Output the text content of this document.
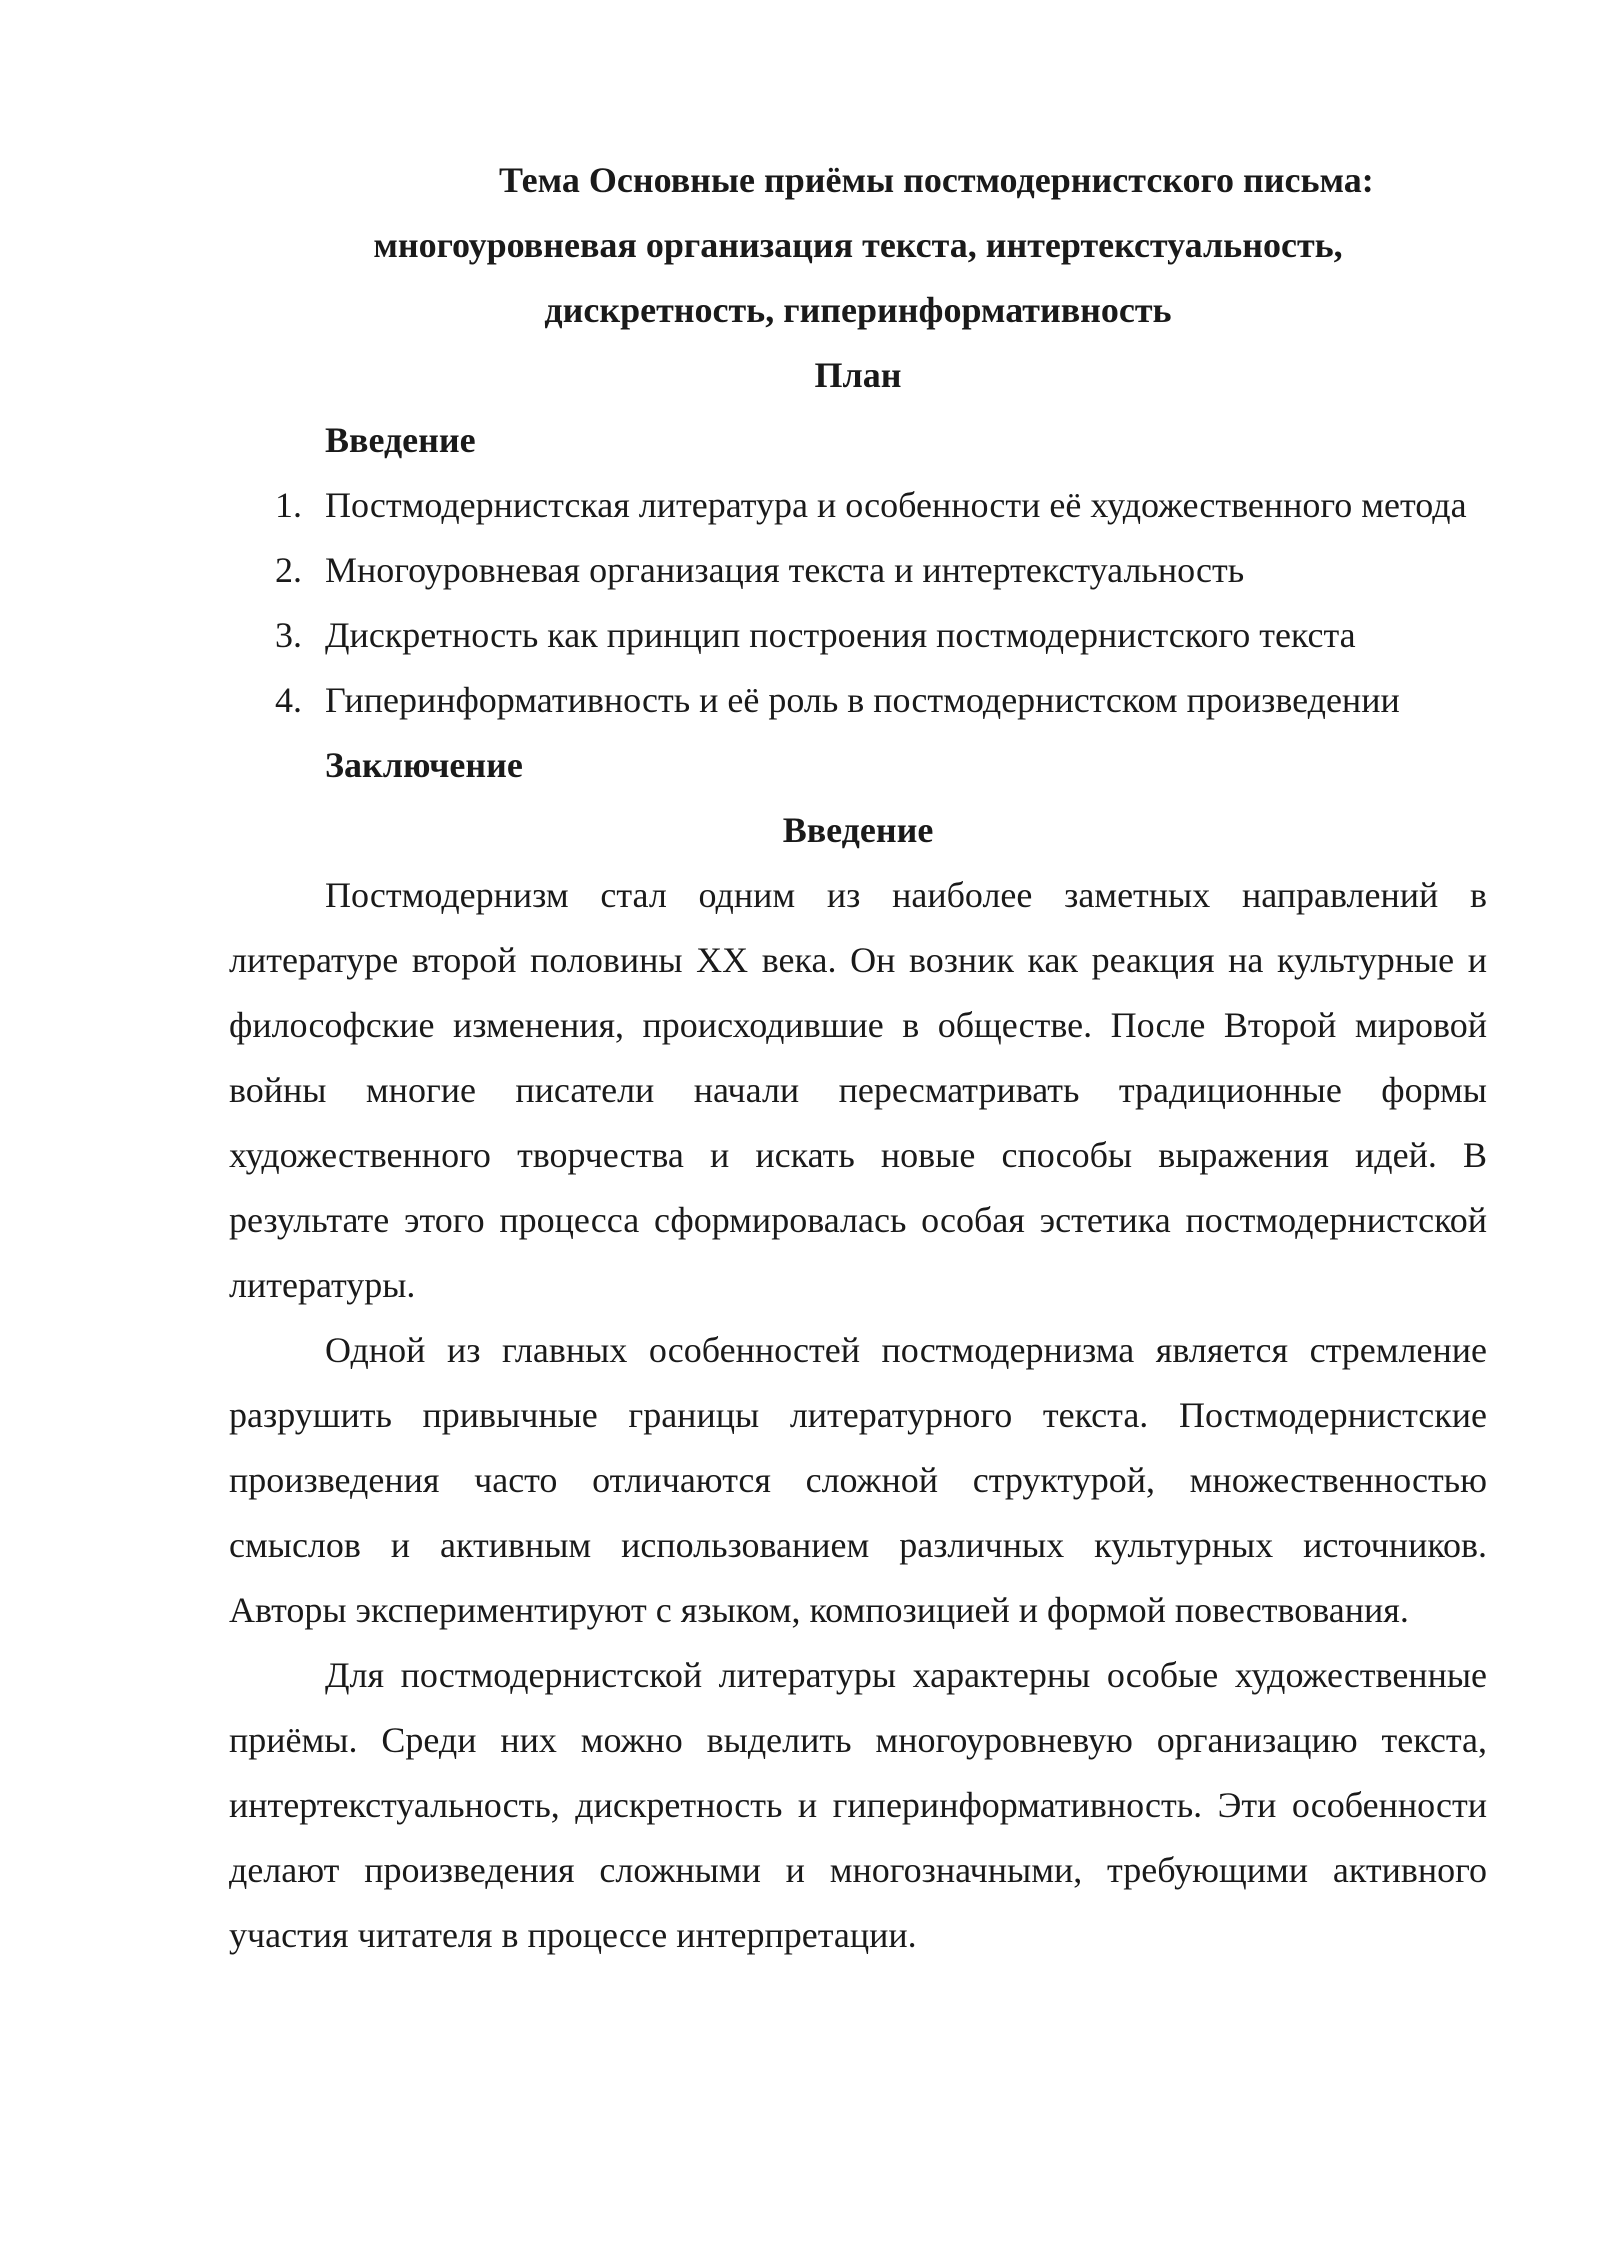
Тема Основные приёмы постмодернистского письма:
многоуровневая организация текста, интертекстуальность,
дискретность, гиперинформативность

План

Введение

1. Постмодернистская литература и особенности её художественного метода
2. Многоуровневая организация текста и интертекстуальность
3. Дискретность как принцип построения постмодернистского текста
4. Гиперинформативность и её роль в постмодернистском произведении

Заключение

Введение

Постмодернизм стал одним из наиболее заметных направлений в литературе второй половины XX века. Он возник как реакция на культурные и философские изменения, происходившие в обществе. После Второй мировой войны многие писатели начали пересматривать традиционные формы художественного творчества и искать новые способы выражения идей. В результате этого процесса сформировалась особая эстетика постмодернистской литературы.

Одной из главных особенностей постмодернизма является стремление разрушить привычные границы литературного текста. Постмодернистские произведения часто отличаются сложной структурой, множественностью смыслов и активным использованием различных культурных источников. Авторы экспериментируют с языком, композицией и формой повествования.

Для постмодернистской литературы характерны особые художественные приёмы. Среди них можно выделить многоуровневую организацию текста, интертекстуальность, дискретность и гиперинформативность. Эти особенности делают произведения сложными и многозначными, требующими активного участия читателя в процессе интерпретации.
